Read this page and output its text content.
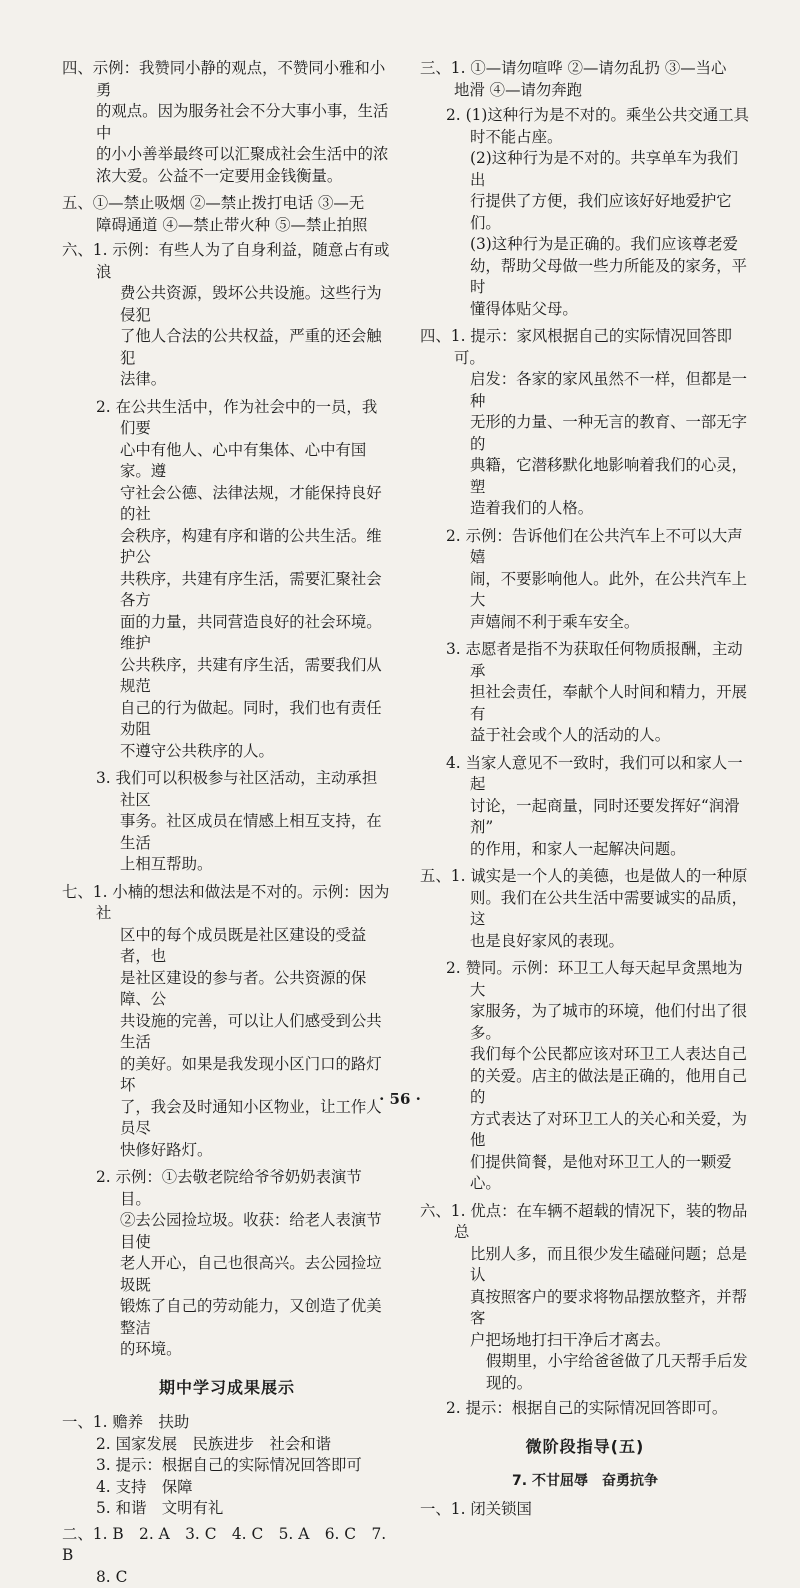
四、示例：我赞同小静的观点，不赞同小雅和小勇
的观点。因为服务社会不分大事小事，生活中
的小小善举最终可以汇聚成社会生活中的浓
浓大爱。公益不一定要用金钱衡量。
五、①—禁止吸烟 ②—禁止拨打电话 ③—无
障碍通道 ④—禁止带火种 ⑤—禁止拍照
六、1. 示例：有些人为了自身利益，随意占有或浪
费公共资源，毁坏公共设施。这些行为侵犯
了他人合法的公共权益，严重的还会触犯
法律。
2. 在公共生活中，作为社会中的一员，我们要
心中有他人、心中有集体、心中有国家。遵
守社会公德、法律法规，才能保持良好的社
会秩序，构建有序和谐的公共生活。维护公
共秩序，共建有序生活，需要汇聚社会各方
面的力量，共同营造良好的社会环境。维护
公共秩序，共建有序生活，需要我们从规范
自己的行为做起。同时，我们也有责任劝阻
不遵守公共秩序的人。
3. 我们可以积极参与社区活动，主动承担社区
事务。社区成员在情感上相互支持，在生活
上相互帮助。
七、1. 小楠的想法和做法是不对的。示例：因为社
区中的每个成员既是社区建设的受益者，也
是社区建设的参与者。公共资源的保障、公
共设施的完善，可以让人们感受到公共生活
的美好。如果是我发现小区门口的路灯坏
了，我会及时通知小区物业，让工作人员尽
快修好路灯。
2. 示例：①去敬老院给爷爷奶奶表演节目。
②去公园捡垃圾。收获：给老人表演节目使
老人开心，自己也很高兴。去公园捡垃圾既
锻炼了自己的劳动能力，又创造了优美整洁
的环境。
期中学习成果展示
一、1. 赡养　扶助
2. 国家发展　民族进步　社会和谐
3. 提示：根据自己的实际情况回答即可
4. 支持　保障
5. 和谐　文明有礼
二、1. B　2. A　3. C　4. C　5. A　6. C　7. B
8. C
三、1. ①—请勿喧哗 ②—请勿乱扔 ③—当心
地滑 ④—请勿奔跑
2. (1)这种行为是不对的。乘坐公共交通工具
时不能占座。
(2)这种行为是不对的。共享单车为我们出
行提供了方便，我们应该好好地爱护它们。
(3)这种行为是正确的。我们应该尊老爱
幼，帮助父母做一些力所能及的家务，平时
懂得体贴父母。
四、1. 提示：家风根据自己的实际情况回答即可。
启发：各家的家风虽然不一样，但都是一种
无形的力量、一种无言的教育、一部无字的
典籍，它潜移默化地影响着我们的心灵，塑
造着我们的人格。
2. 示例：告诉他们在公共汽车上不可以大声嬉
闹，不要影响他人。此外，在公共汽车上大
声嬉闹不利于乘车安全。
3. 志愿者是指不为获取任何物质报酬，主动承
担社会责任，奉献个人时间和精力，开展有
益于社会或个人的活动的人。
4. 当家人意见不一致时，我们可以和家人一起
讨论，一起商量，同时还要发挥好“润滑剂”
的作用，和家人一起解决问题。
五、1. 诚实是一个人的美德，也是做人的一种原
则。我们在公共生活中需要诚实的品质，这
也是良好家风的表现。
2. 赞同。示例：环卫工人每天起早贪黑地为大
家服务，为了城市的环境，他们付出了很多。
我们每个公民都应该对环卫工人表达自己
的关爱。店主的做法是正确的，他用自己的
方式表达了对环卫工人的关心和关爱，为他
们提供简餐，是他对环卫工人的一颗爱心。
六、1. 优点：在车辆不超载的情况下，装的物品总
比别人多，而且很少发生磕碰问题；总是认
真按照客户的要求将物品摆放整齐，并帮客
户把场地打扫干净后才离去。
假期里，小宇给爸爸做了几天帮手后发现的。
2. 提示：根据自己的实际情况回答即可。
微阶段指导(五)
7. 不甘屈辱　奋勇抗争
一、1. 闭关锁国
· 56 ·
